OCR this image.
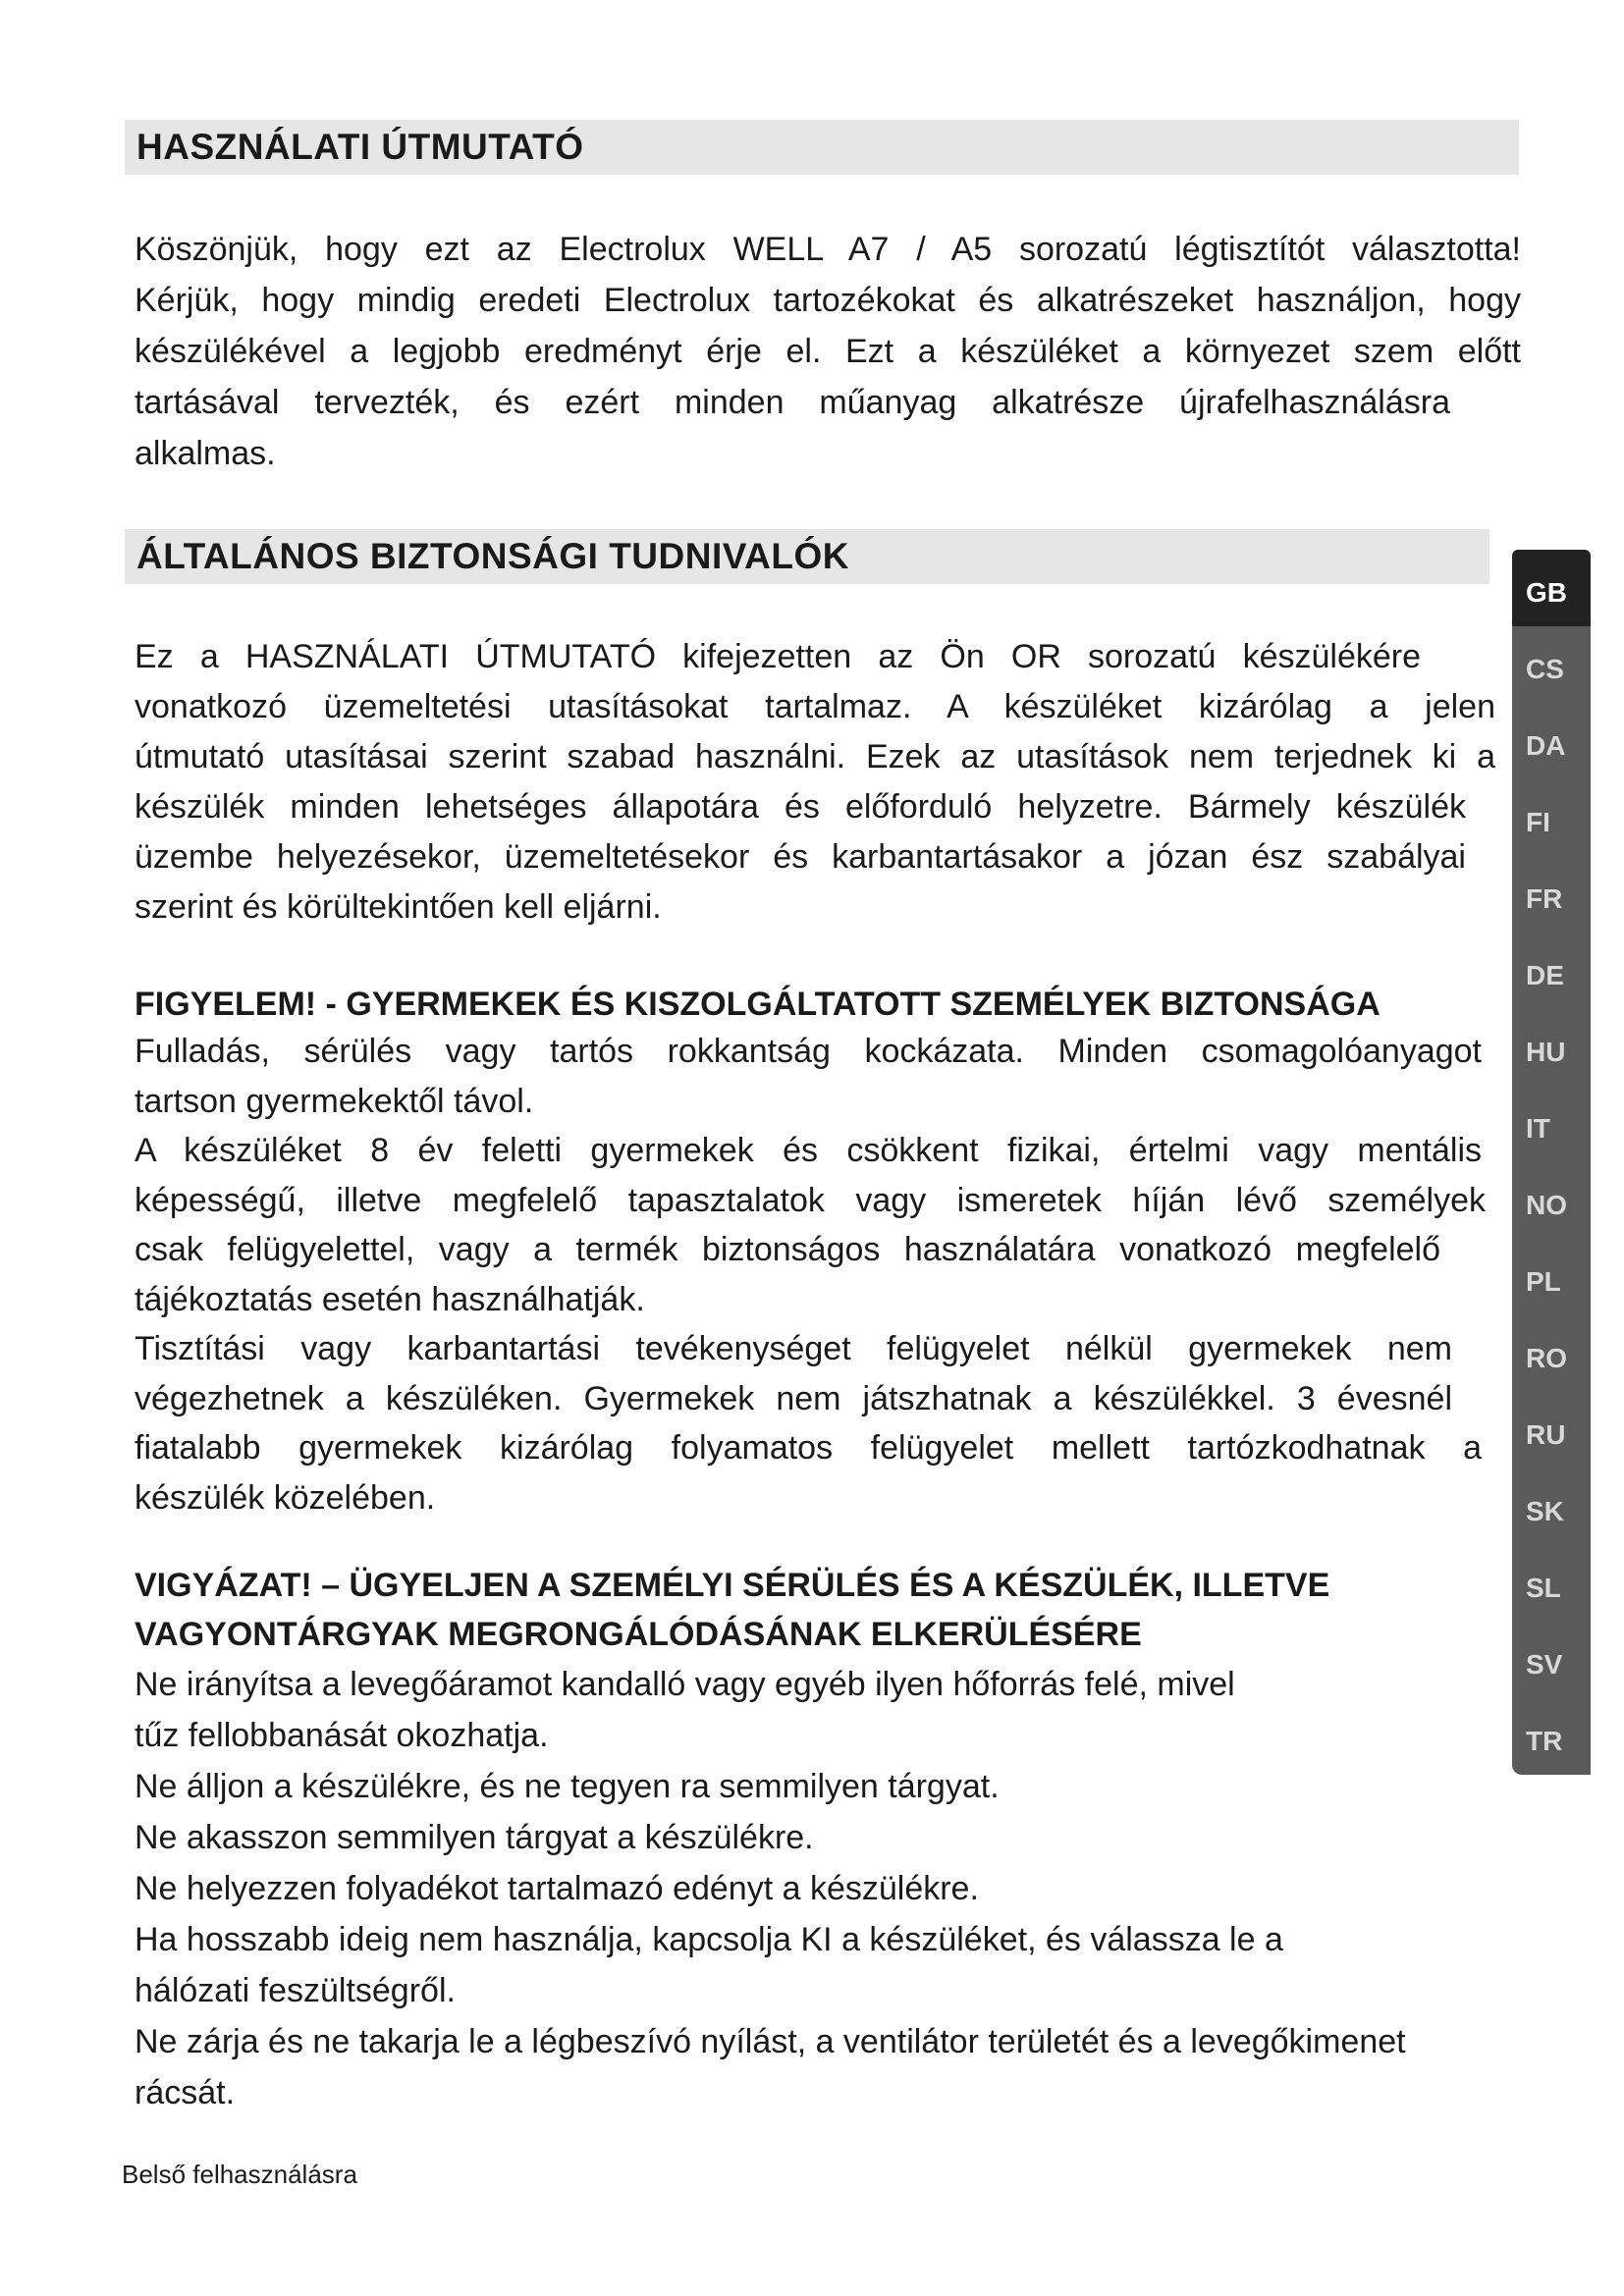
HASZNÁLATI ÚTMUTATÓ
Köszönjük, hogy ezt az Electrolux WELL A7 / A5 sorozatú légtisztítót választotta!
Kérjük, hogy mindig eredeti Electrolux tartozékokat és alkatrészeket használjon, hogy
készülékével a legjobb eredményt érje el. Ezt a készüléket a környezet szem előtt
tartásával tervezték, és ezért minden műanyag alkatrésze újrafelhasználásra
alkalmas.
ÁLTALÁNOS BIZTONSÁGI TUDNIVALÓK
Ez a HASZNÁLATI ÚTMUTATÓ kifejezetten az Ön OR sorozatú készülékére
vonatkozó üzemeltetési utasításokat tartalmaz. A készüléket kizárólag a jelen
útmutató utasításai szerint szabad használni. Ezek az utasítások nem terjednek ki a
készülék minden lehetséges állapotára és előforduló helyzetre. Bármely készülék
üzembe helyezésekor, üzemeltetésekor és karbantartásakor a józan ész szabályai
szerint és körültekintően kell eljárni.
FIGYELEM! - GYERMEKEK ÉS KISZOLGÁLTATOTT SZEMÉLYEK BIZTONSÁGA
Fulladás, sérülés vagy tartós rokkantság kockázata. Minden csomagolóanyagot
tartson gyermekektől távol.
A készüléket 8 év feletti gyermekek és csökkent fizikai, értelmi vagy mentális
képességű, illetve megfelelő tapasztalatok vagy ismeretek híján lévő személyek
csak felügyelettel, vagy a termék biztonságos használatára vonatkozó megfelelő
tájékoztatás esetén használhatják.
Tisztítási vagy karbantartási tevékenységet felügyelet nélkül gyermekek nem
végezhetnek a készüléken. Gyermekek nem játszhatnak a készülékkel. 3 évesnél
fiatalabb gyermekek kizárólag folyamatos felügyelet mellett tartózkodhatnak a
készülék közelében.
VIGYÁZAT! – ÜGYELJEN A SZEMÉLYI SÉRÜLÉS ÉS A KÉSZÜLÉK, ILLETVE
VAGYONTÁRGYAK MEGRONGÁLÓDÁSÁNAK ELKERÜLÉSÉRE
Ne irányítsa a levegőáramot kandalló vagy egyéb ilyen hőforrás felé, mivel
tűz fellobbanását okozhatja.
Ne álljon a készülékre, és ne tegyen ra semmilyen tárgyat.
Ne akasszon semmilyen tárgyat a készülékre.
Ne helyezzen folyadékot tartalmazó edényt a készülékre.
Ha hosszabb ideig nem használja, kapcsolja KI a készüléket, és válassza le a
hálózati feszültségről.
Ne zárja és ne takarja le a légbeszívó nyílást, a ventilátor területét és a levegőkimenet
rácsát.
GB
CS
DA
FI
FR
DE
HU
IT
NO
PL
RO
RU
SK
SL
SV
TR
Belső felhasználásra
